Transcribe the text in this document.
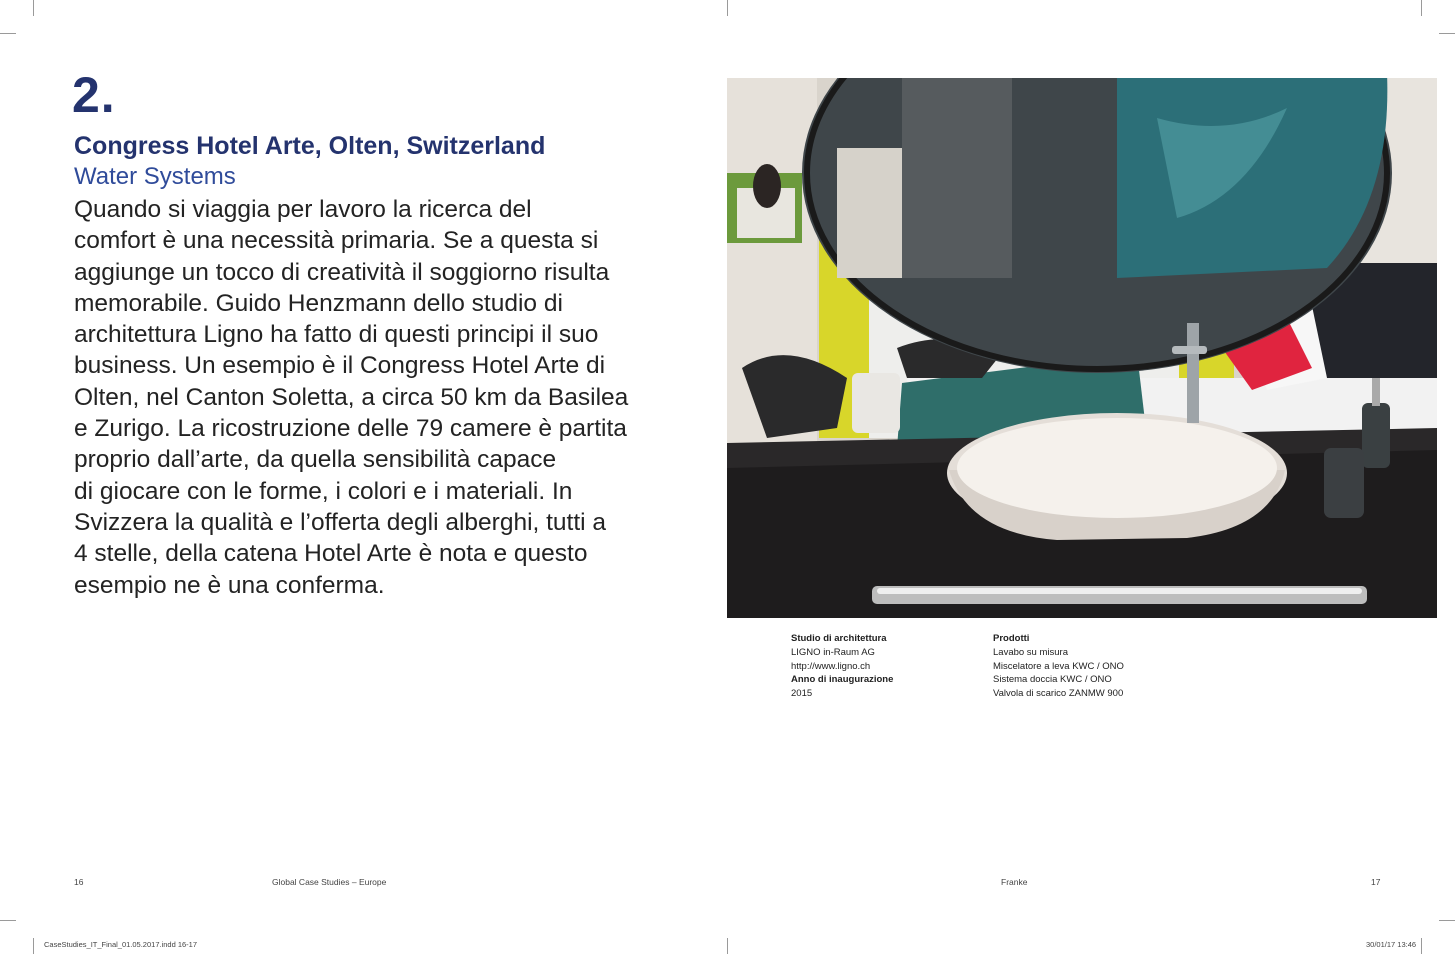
2.
Congress Hotel Arte, Olten, Switzerland
Water Systems
Quando si viaggia per lavoro la ricerca del
comfort è una necessità primaria. Se a questa si
aggiunge un tocco di creatività il soggiorno risulta
memorabile. Guido Henzmann dello studio di
architettura Ligno ha fatto di questi principi il suo
business. Un esempio è il Congress Hotel Arte di
Olten, nel Canton Soletta, a circa 50 km da Basilea
e Zurigo. La ricostruzione delle 79 camere è partita
proprio dall’arte, da quella sensibilità capace
di giocare con le forme, i colori e i materiali. In
Svizzera la qualità e l’offerta degli alberghi, tutti a
4 stelle, della catena Hotel Arte è nota e questo
esempio ne è una conferma.
Studio di architettura
LIGNO in-Raum AG
http://www.ligno.ch
Anno di inaugurazione
2015
Prodotti
Lavabo su misura
Miscelatore a leva KWC / ONO
Sistema doccia KWC / ONO
Valvola di scarico ZANMW 900
16	Global Case Studies – Europe	Franke	17
CaseStudies_IT_Final_01.05.2017.indd 16-17	30/01/17 13:46
